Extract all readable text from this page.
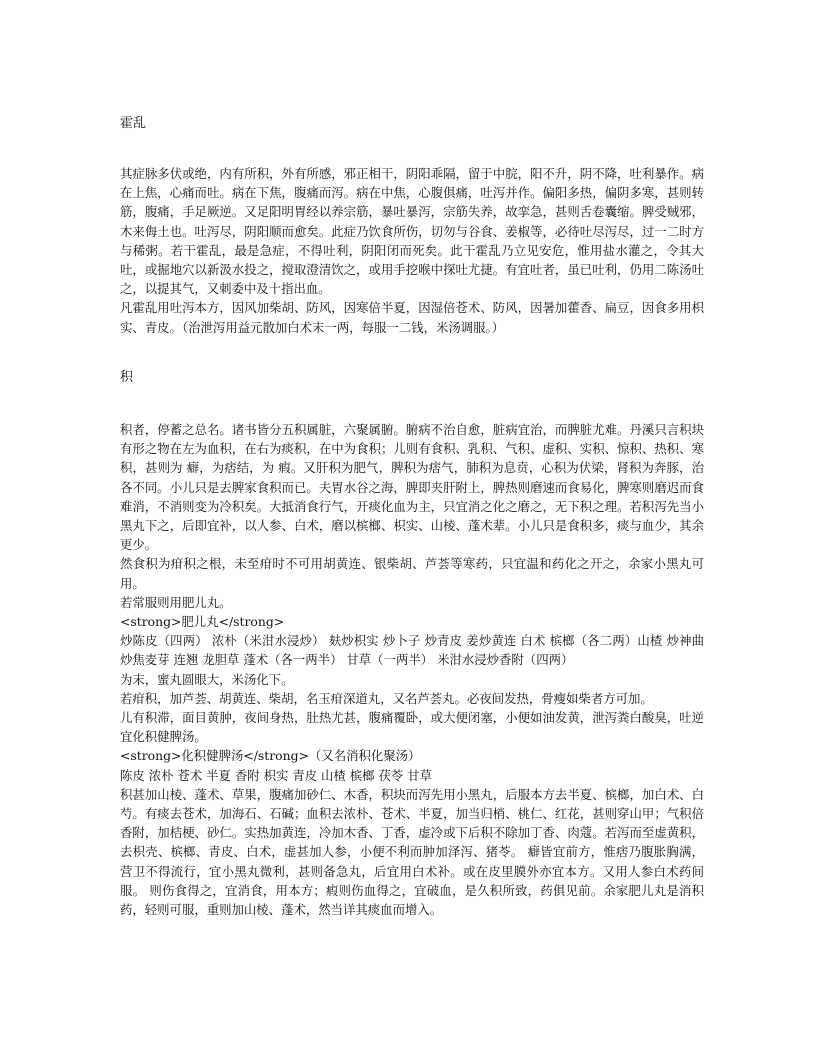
霍乱

其症脉多伏或绝，内有所积，外有所感，邪正相干，阴阳乖隔，留于中脘，阳不升，阴不降，吐利暴作。病在上焦，心痛而吐。病在下焦，腹痛而泻。病在中焦，心腹俱痛，吐泻并作。偏阳多热，偏阴多寒，甚则转筋，腹痛，手足厥逆。又足阳明胃经以养宗筋，暴吐暴泻，宗筋失养，故挛急，甚则舌卷囊缩。脾受贼邪，木来侮土也。吐泻尽，阴阳顺而愈矣。此症乃饮食所伤，切勿与谷食、姜椒等，必待吐尽泻尽，过一二时方与稀粥。若干霍乱，最是急症，不得吐利，阴阳闭而死矣。此干霍乱乃立见安危，惟用盐水灌之，令其大吐，或掘地穴以新汲水投之，搅取澄清饮之，或用手挖喉中探吐尤捷。有宜吐者，虽已吐利，仍用二陈汤吐之，以提其气，又刺委中及十指出血。

凡霍乱用吐泻本方，因风加柴胡、防风，因寒倍半夏，因湿倍苍术、防风，因暑加藿香、扁豆，因食多用枳实、青皮。（治泄泻用益元散加白术末一两，每服一二钱，米汤调服。）

积

积者，停蓄之总名。诸书皆分五积属脏，六聚属腑。腑病不治自愈，脏病宜治，而脾脏尤难。丹溪只言积块有形之物在左为血积，在右为痰积，在中为食积；儿则有食积、乳积、气积、虚积、实积、惊积、热积、寒积，甚则为 癖，为痞结，为 瘕。又肝积为肥气，脾积为痞气，肺积为息贲，心积为伏梁，肾积为奔豚，治各不同。小儿只是去脾家食积而已。夫胃水谷之海，脾即夹肝附上，脾热则磨速而食易化，脾寒则磨迟而食难消，不消则变为冷积矣。大抵消食行气，开痰化血为主，只宜消之化之磨之，无下积之理。若积泻先当小黑丸下之，后即宜补，以人参、白术，磨以槟榔、枳实、山棱、蓬术辈。小儿只是食积多，痰与血少，其余更少。

然食积为疳积之根，未至疳时不可用胡黄连、银柴胡、芦荟等寒药，只宜温和药化之开之，余家小黑丸可用。

若常服则用肥儿丸。

<strong>肥儿丸</strong>

炒陈皮（四两） 浓朴（米泔水浸炒） 麸炒枳实 炒卜子 炒青皮 姜炒黄连 白术 槟榔（各二两）山楂 炒神曲 炒焦麦芽 连翘 龙胆草 蓬术（各一两半） 甘草（一两半） 米泔水浸炒香附（四两）

为末，蜜丸圆眼大，米汤化下。

若疳积，加芦荟、胡黄连、柴胡，名玉疳深道丸，又名芦荟丸。必夜间发热，骨瘦如柴者方可加。

儿有积滞，面目黄肿，夜间身热，肚热尤甚，腹痛覆卧，或大便闭塞，小便如油发黄，泄泻粪白酸臭，吐逆宜化积健脾汤。

<strong>化积健脾汤</strong>（又名消积化聚汤）

陈皮 浓朴 苍术 半夏 香附 枳实 青皮 山楂 槟榔 茯苓 甘草

积甚加山棱、蓬术、草果，腹痛加砂仁、木香，积块而泻先用小黑丸，后服本方去半夏、槟榔，加白术、白芍。有痰去苍术，加海石、石碱；血积去浓朴、苍术、半夏，加当归梢、桃仁、红花，甚则穿山甲；气积倍香附，加桔梗、砂仁。实热加黄连，冷加木香、丁香，虚冷或下后积不除加丁香、肉蔻。若泻而至虚黄积，去枳壳、槟榔、青皮、白术，虚甚加人参，小便不利而肿加泽泻、猪苓。 癖皆宜前方，惟痞乃腹胀胸满，营卫不得流行，宜小黑丸微利，甚则备急丸，后宜用白术补。或在皮里膜外亦宜本方。又用人参白术药间服。 则伤食得之，宜消食，用本方；瘕则伤血得之，宜破血，是久积所致，药俱见前。余家肥儿丸是消积药，轻则可服，重则加山棱、蓬术，然当详其痰血而增入。
